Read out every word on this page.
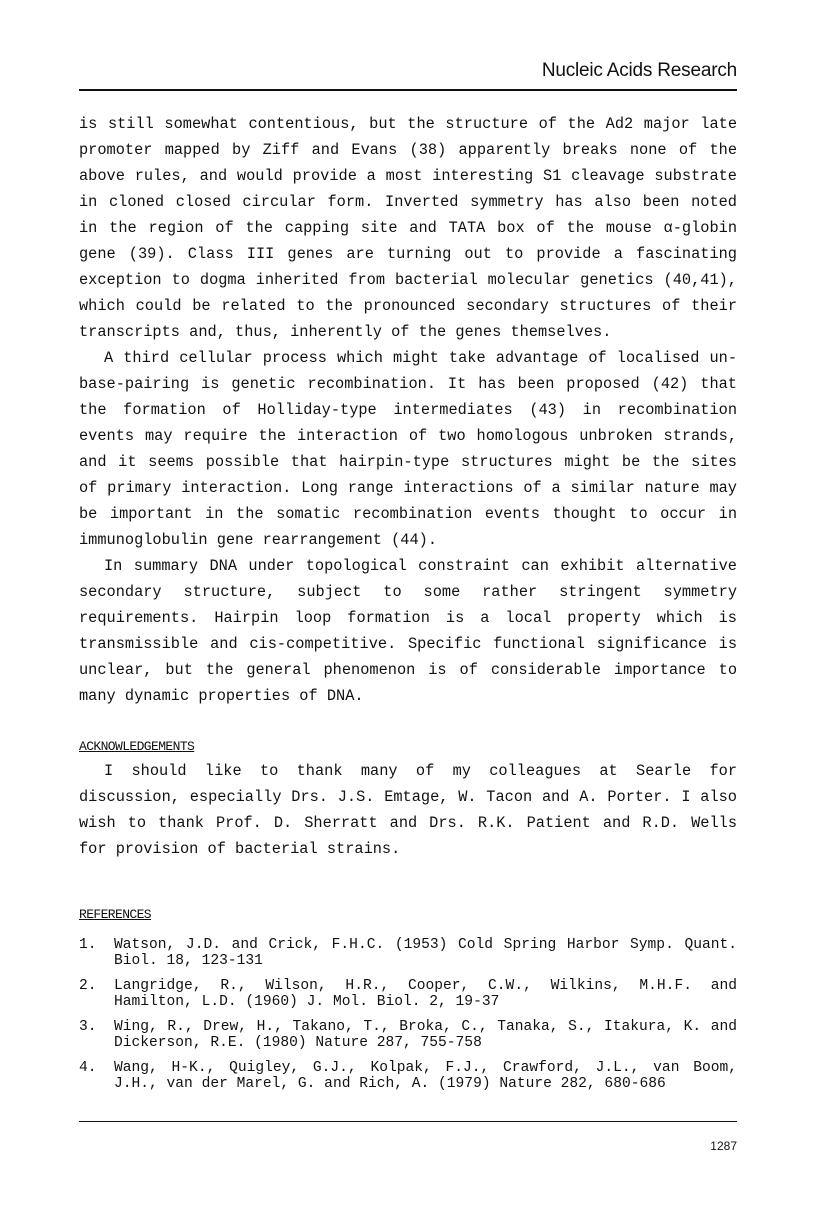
Nucleic Acids Research

is still somewhat contentious, but the structure of the Ad2 major late promoter mapped by Ziff and Evans (38) apparently breaks none of the above rules, and would provide a most interesting S1 cleavage substrate in cloned closed circular form. Inverted symmetry has also been noted in the region of the capping site and TATA box of the mouse α-globin gene (39). Class III genes are turning out to provide a fascinating exception to dogma inherited from bacterial molecular genetics (40,41), which could be related to the pronounced secondary structures of their transcripts and, thus, inherently of the genes themselves.

A third cellular process which might take advantage of localised un-base-pairing is genetic recombination. It has been proposed (42) that the formation of Holliday-type intermediates (43) in recombination events may require the interaction of two homologous unbroken strands, and it seems possible that hairpin-type structures might be the sites of primary interaction. Long range interactions of a similar nature may be important in the somatic recombination events thought to occur in immunoglobulin gene rearrangement (44).

In summary DNA under topological constraint can exhibit alternative secondary structure, subject to some rather stringent symmetry requirements. Hairpin loop formation is a local property which is transmissible and cis-competitive. Specific functional significance is unclear, but the general phenomenon is of considerable importance to many dynamic properties of DNA.

ACKNOWLEDGEMENTS

I should like to thank many of my colleagues at Searle for discussion, especially Drs. J.S. Emtage, W. Tacon and A. Porter. I also wish to thank Prof. D. Sherratt and Drs. R.K. Patient and R.D. Wells for provision of bacterial strains.

REFERENCES
1.	Watson, J.D. and Crick, F.H.C. (1953) Cold Spring Harbor Symp. Quant. Biol. 18, 123-131
2.	Langridge, R., Wilson, H.R., Cooper, C.W., Wilkins, M.H.F. and Hamilton, L.D. (1960) J. Mol. Biol. 2, 19-37
3.	Wing, R., Drew, H., Takano, T., Broka, C., Tanaka, S., Itakura, K. and Dickerson, R.E. (1980) Nature 287, 755-758
4.	Wang, H-K., Quigley, G.J., Kolpak, F.J., Crawford, J.L., van Boom, J.H., van der Marel, G. and Rich, A. (1979) Nature 282, 680-686
1287
